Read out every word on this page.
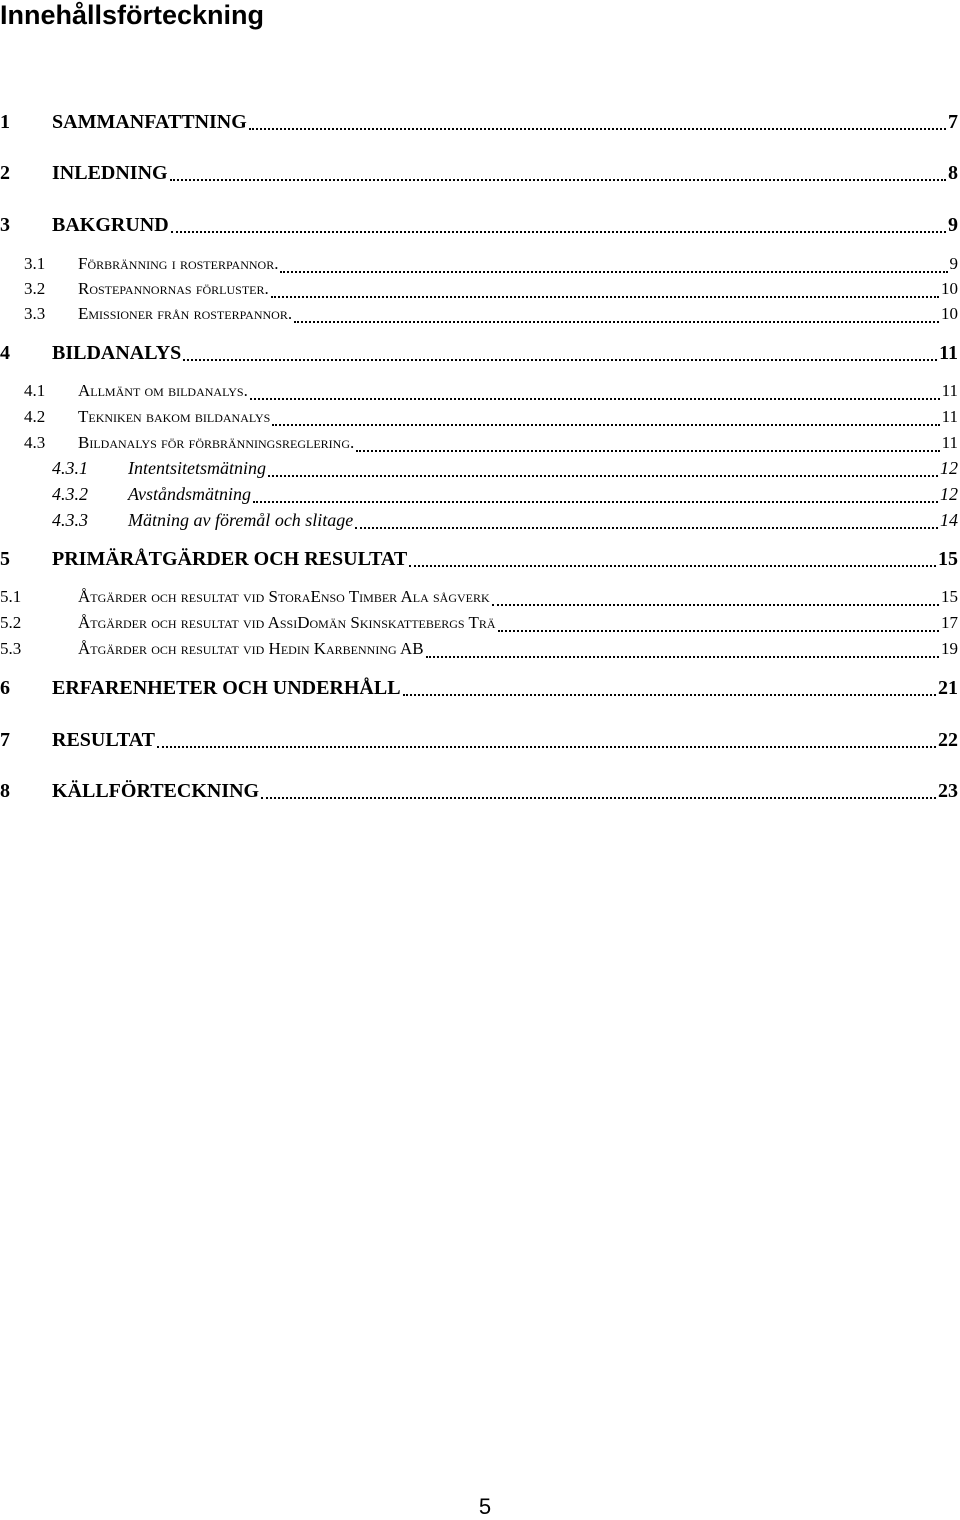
Innehållsförteckning
1	SAMMANFATTNING	7
2	INLEDNING	8
3	BAKGRUND	9
3.1	Förbränning i rosterpannor.	9
3.2	Rostepannornas förluster.	10
3.3	Emissioner från rosterpannor.	10
4	BILDANALYS	11
4.1	Allmänt om bildanalys.	11
4.2	Tekniken bakom bildanalys	11
4.3	Bildanalys för förbränningsreglering.	11
4.3.1	Intentsitetsmätning	12
4.3.2	Avståndsmätning	12
4.3.3	Mätning av föremål och slitage	14
5	PRIMÄRÅTGÄRDER OCH RESULTAT	15
5.1	Åtgärder och resultat vid StoraEnso Timber Ala sågverk	15
5.2	Åtgärder och resultat vid AssiDomän Skinskattebergs Trä	17
5.3	Åtgärder och resultat vid Hedin Karbenning AB	19
6	ERFARENHETER OCH UNDERHÅLL	21
7	RESULTAT	22
8	KÄLLFÖRTECKNING	23
5
